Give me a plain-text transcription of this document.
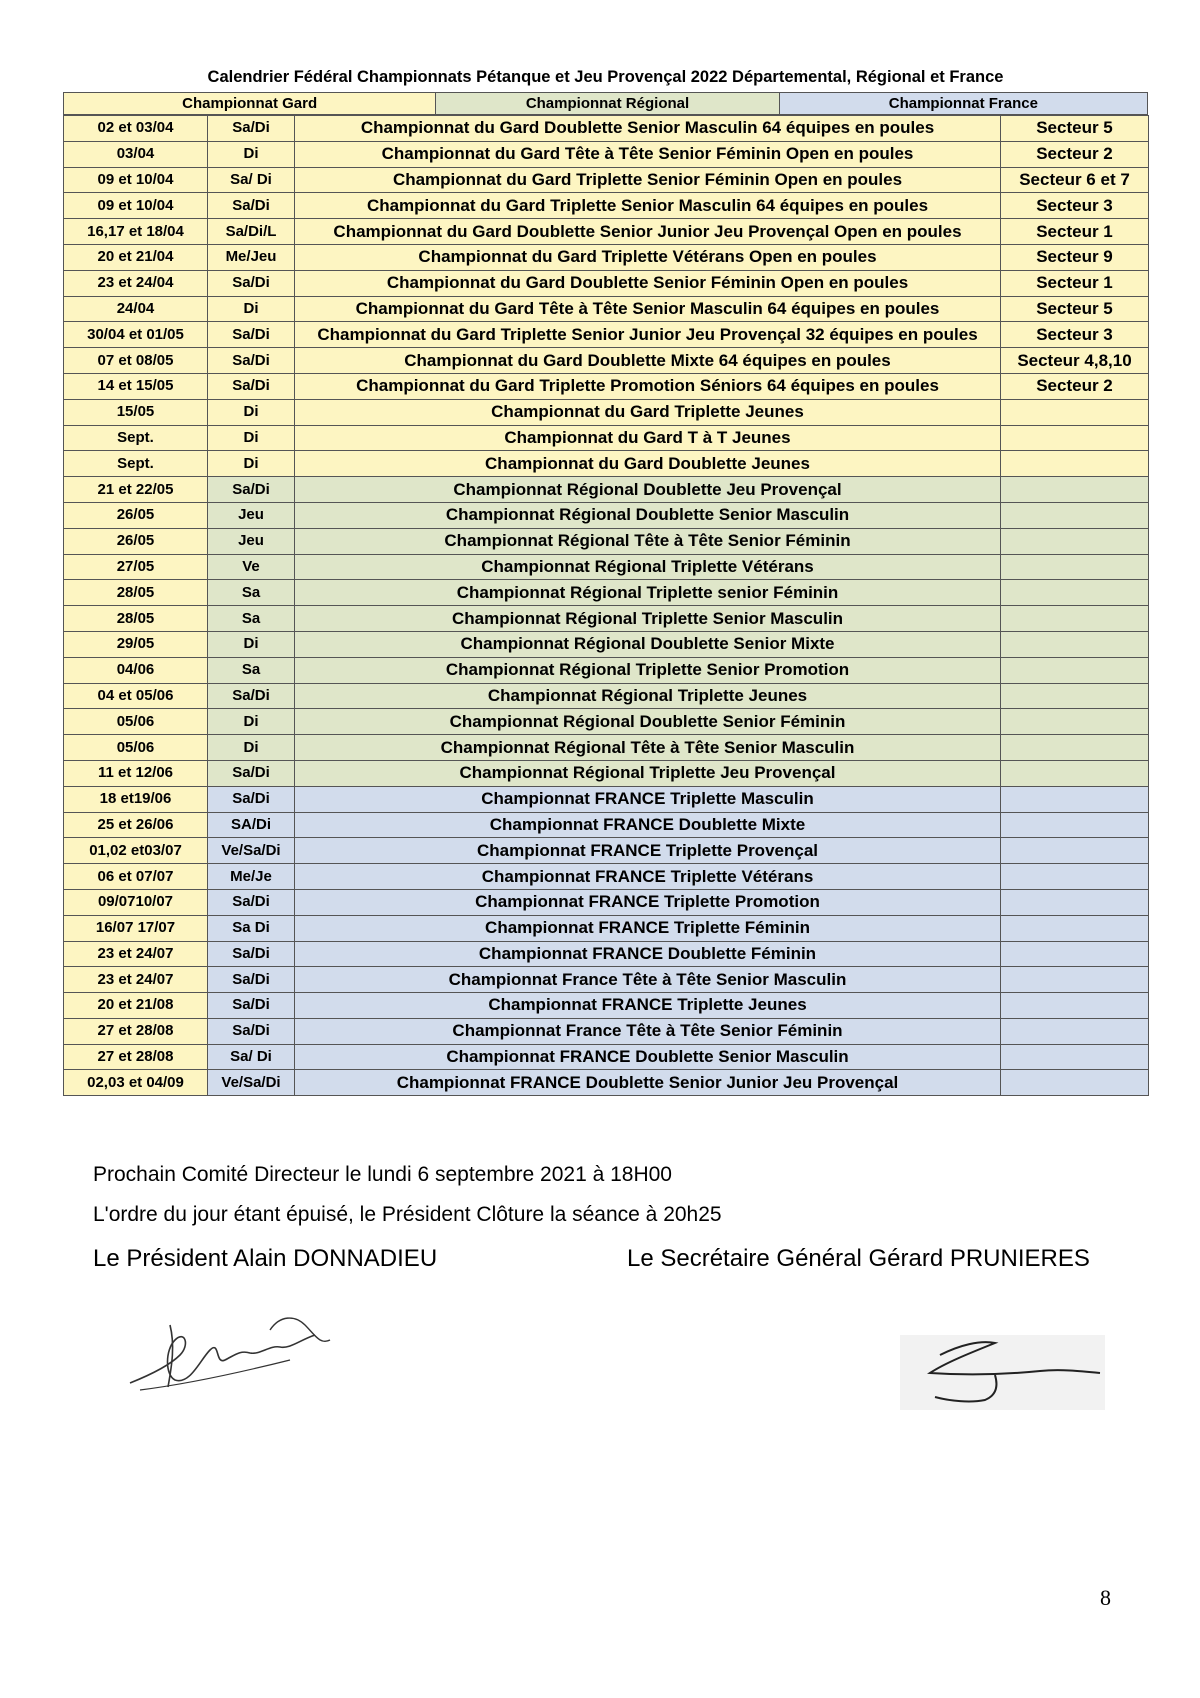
Calendrier Fédéral Championnats Pétanque et Jeu Provençal 2022 Départemental, Régional et France
Championnat Gard	Championnat Régional	Championnat France
02 et 03/04	Sa/Di	Championnat du Gard Doublette Senior Masculin 64 équipes en poules	Secteur 5
03/04	Di	Championnat du Gard Tête à Tête Senior Féminin Open en poules	Secteur 2
09 et 10/04	Sa/ Di	Championnat du Gard Triplette Senior Féminin Open en poules	Secteur 6 et 7
09 et 10/04	Sa/Di	Championnat du Gard Triplette Senior Masculin 64 équipes en poules	Secteur 3
16,17 et 18/04	Sa/Di/L	Championnat du Gard Doublette Senior Junior Jeu Provençal Open en poules	Secteur 1
20 et 21/04	Me/Jeu	Championnat du Gard Triplette Vétérans Open en poules	Secteur 9
23 et 24/04	Sa/Di	Championnat du Gard Doublette Senior Féminin Open en poules	Secteur 1
24/04	Di	Championnat du Gard Tête à Tête Senior Masculin 64 équipes en poules	Secteur 5
30/04 et 01/05	Sa/Di	Championnat du Gard Triplette Senior Junior Jeu Provençal 32 équipes en poules	Secteur 3
07 et 08/05	Sa/Di	Championnat du Gard Doublette Mixte 64 équipes en poules	Secteur 4,8,10
14 et 15/05	Sa/Di	Championnat du Gard Triplette Promotion Séniors 64 équipes en poules	Secteur 2
15/05	Di	Championnat du Gard Triplette Jeunes	
Sept.	Di	Championnat du Gard T à T Jeunes	
Sept.	Di	Championnat du Gard Doublette Jeunes	
21 et 22/05	Sa/Di	Championnat Régional Doublette Jeu Provençal	
26/05	Jeu	Championnat Régional Doublette Senior Masculin	
26/05	Jeu	Championnat Régional Tête à Tête Senior Féminin	
27/05	Ve	Championnat Régional Triplette Vétérans	
28/05	Sa	Championnat Régional Triplette senior Féminin	
28/05	Sa	Championnat Régional Triplette Senior Masculin	
29/05	Di	Championnat Régional Doublette Senior Mixte	
04/06	Sa	Championnat Régional Triplette Senior Promotion	
04 et 05/06	Sa/Di	Championnat Régional Triplette Jeunes	
05/06	Di	Championnat Régional Doublette Senior Féminin	
05/06	Di	Championnat Régional Tête à Tête Senior Masculin	
11 et 12/06	Sa/Di	Championnat Régional Triplette Jeu Provençal	
18 et19/06	Sa/Di	Championnat FRANCE Triplette Masculin	
25 et 26/06	SA/Di	Championnat FRANCE Doublette Mixte	
01,02 et03/07	Ve/Sa/Di	Championnat FRANCE Triplette Provençal	
06 et 07/07	Me/Je	Championnat FRANCE Triplette Vétérans	
09/0710/07	Sa/Di	Championnat FRANCE Triplette Promotion	
16/07 17/07	Sa Di	Championnat FRANCE Triplette Féminin	
23 et 24/07	Sa/Di	Championnat FRANCE Doublette Féminin	
23 et 24/07	Sa/Di	Championnat France Tête à Tête Senior Masculin	
20 et 21/08	Sa/Di	Championnat FRANCE Triplette Jeunes	
27 et 28/08	Sa/Di	Championnat France Tête à Tête Senior Féminin	
27 et 28/08	Sa/ Di	Championnat FRANCE Doublette Senior Masculin	
02,03 et 04/09	Ve/Sa/Di	Championnat FRANCE Doublette Senior Junior Jeu Provençal	
Prochain Comité Directeur le lundi 6 septembre 2021 à 18H00
L'ordre du jour étant épuisé, le Président Clôture la séance à 20h25
Le Président Alain DONNADIEU	Le Secrétaire Général Gérard PRUNIERES
8
